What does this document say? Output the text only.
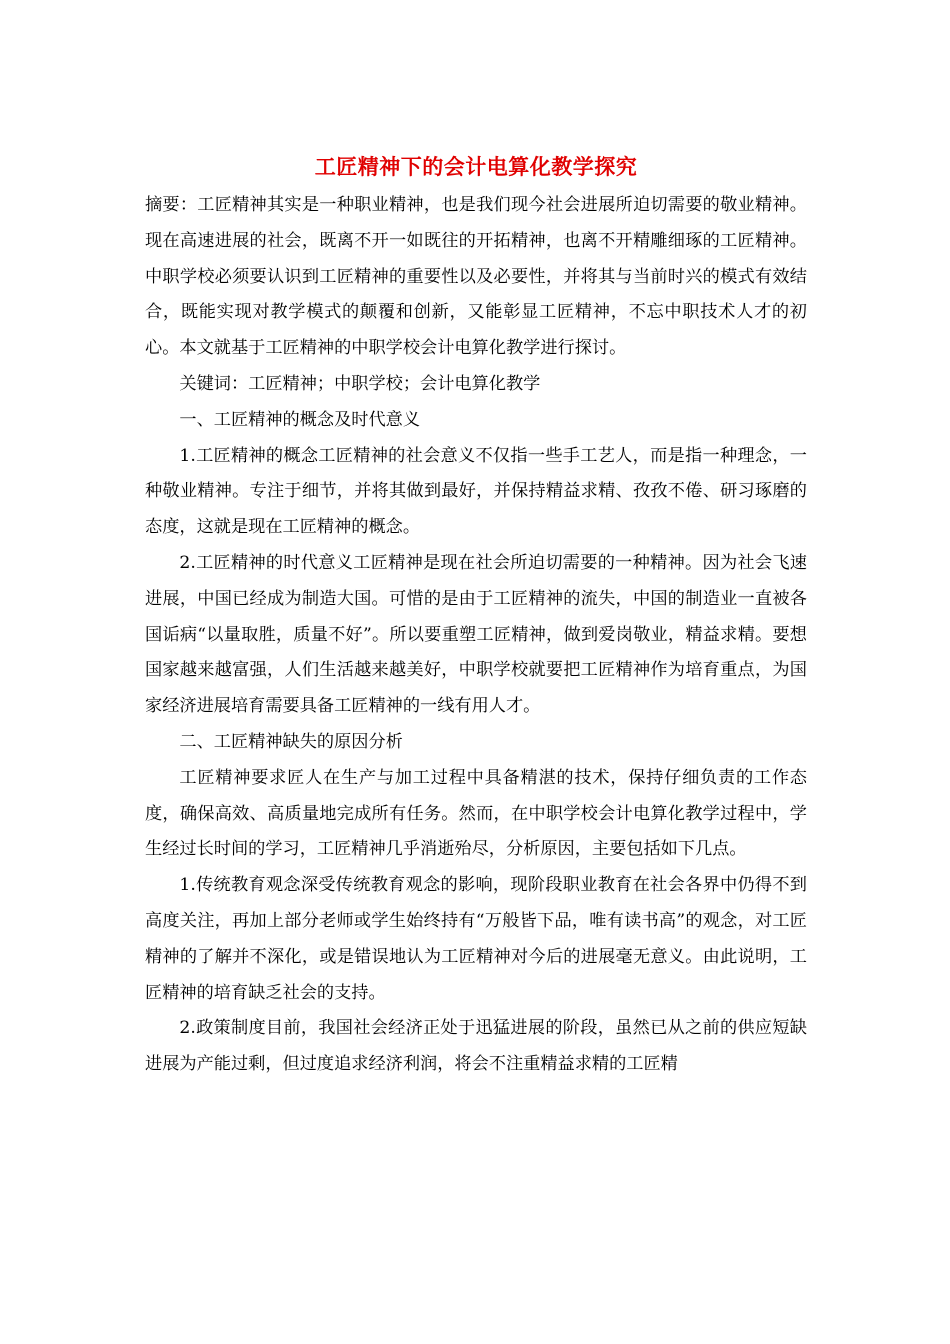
工匠精神下的会计电算化教学探究

摘要：工匠精神其实是一种职业精神，也是我们现今社会进展所迫切需要的敬业精神。现在高速进展的社会，既离不开一如既往的开拓精神，也离不开精雕细琢的工匠精神。中职学校必须要认识到工匠精神的重要性以及必要性，并将其与当前时兴的模式有效结合，既能实现对教学模式的颠覆和创新，又能彰显工匠精神，不忘中职技术人才的初心。本文就基于工匠精神的中职学校会计电算化教学进行探讨。

关键词：工匠精神；中职学校；会计电算化教学

一、工匠精神的概念及时代意义

1.工匠精神的概念工匠精神的社会意义不仅指一些手工艺人，而是指一种理念，一种敬业精神。专注于细节，并将其做到最好，并保持精益求精、孜孜不倦、研习琢磨的态度，这就是现在工匠精神的概念。

2.工匠精神的时代意义工匠精神是现在社会所迫切需要的一种精神。因为社会飞速进展，中国已经成为制造大国。可惜的是由于工匠精神的流失，中国的制造业一直被各国诟病“以量取胜，质量不好”。所以要重塑工匠精神，做到爱岗敬业，精益求精。要想国家越来越富强，人们生活越来越美好，中职学校就要把工匠精神作为培育重点，为国家经济进展培育需要具备工匠精神的一线有用人才。

二、工匠精神缺失的原因分析

工匠精神要求匠人在生产与加工过程中具备精湛的技术，保持仔细负责的工作态度，确保高效、高质量地完成所有任务。然而，在中职学校会计电算化教学过程中，学生经过长时间的学习，工匠精神几乎消逝殆尽，分析原因，主要包括如下几点。

1.传统教育观念深受传统教育观念的影响，现阶段职业教育在社会各界中仍得不到高度关注，再加上部分老师或学生始终持有“万般皆下品，唯有读书高”的观念，对工匠精神的了解并不深化，或是错误地认为工匠精神对今后的进展毫无意义。由此说明，工匠精神的培育缺乏社会的支持。

2.政策制度目前，我国社会经济正处于迅猛进展的阶段，虽然已从之前的供应短缺进展为产能过剩，但过度追求经济利润，将会不注重精益求精的工匠精
